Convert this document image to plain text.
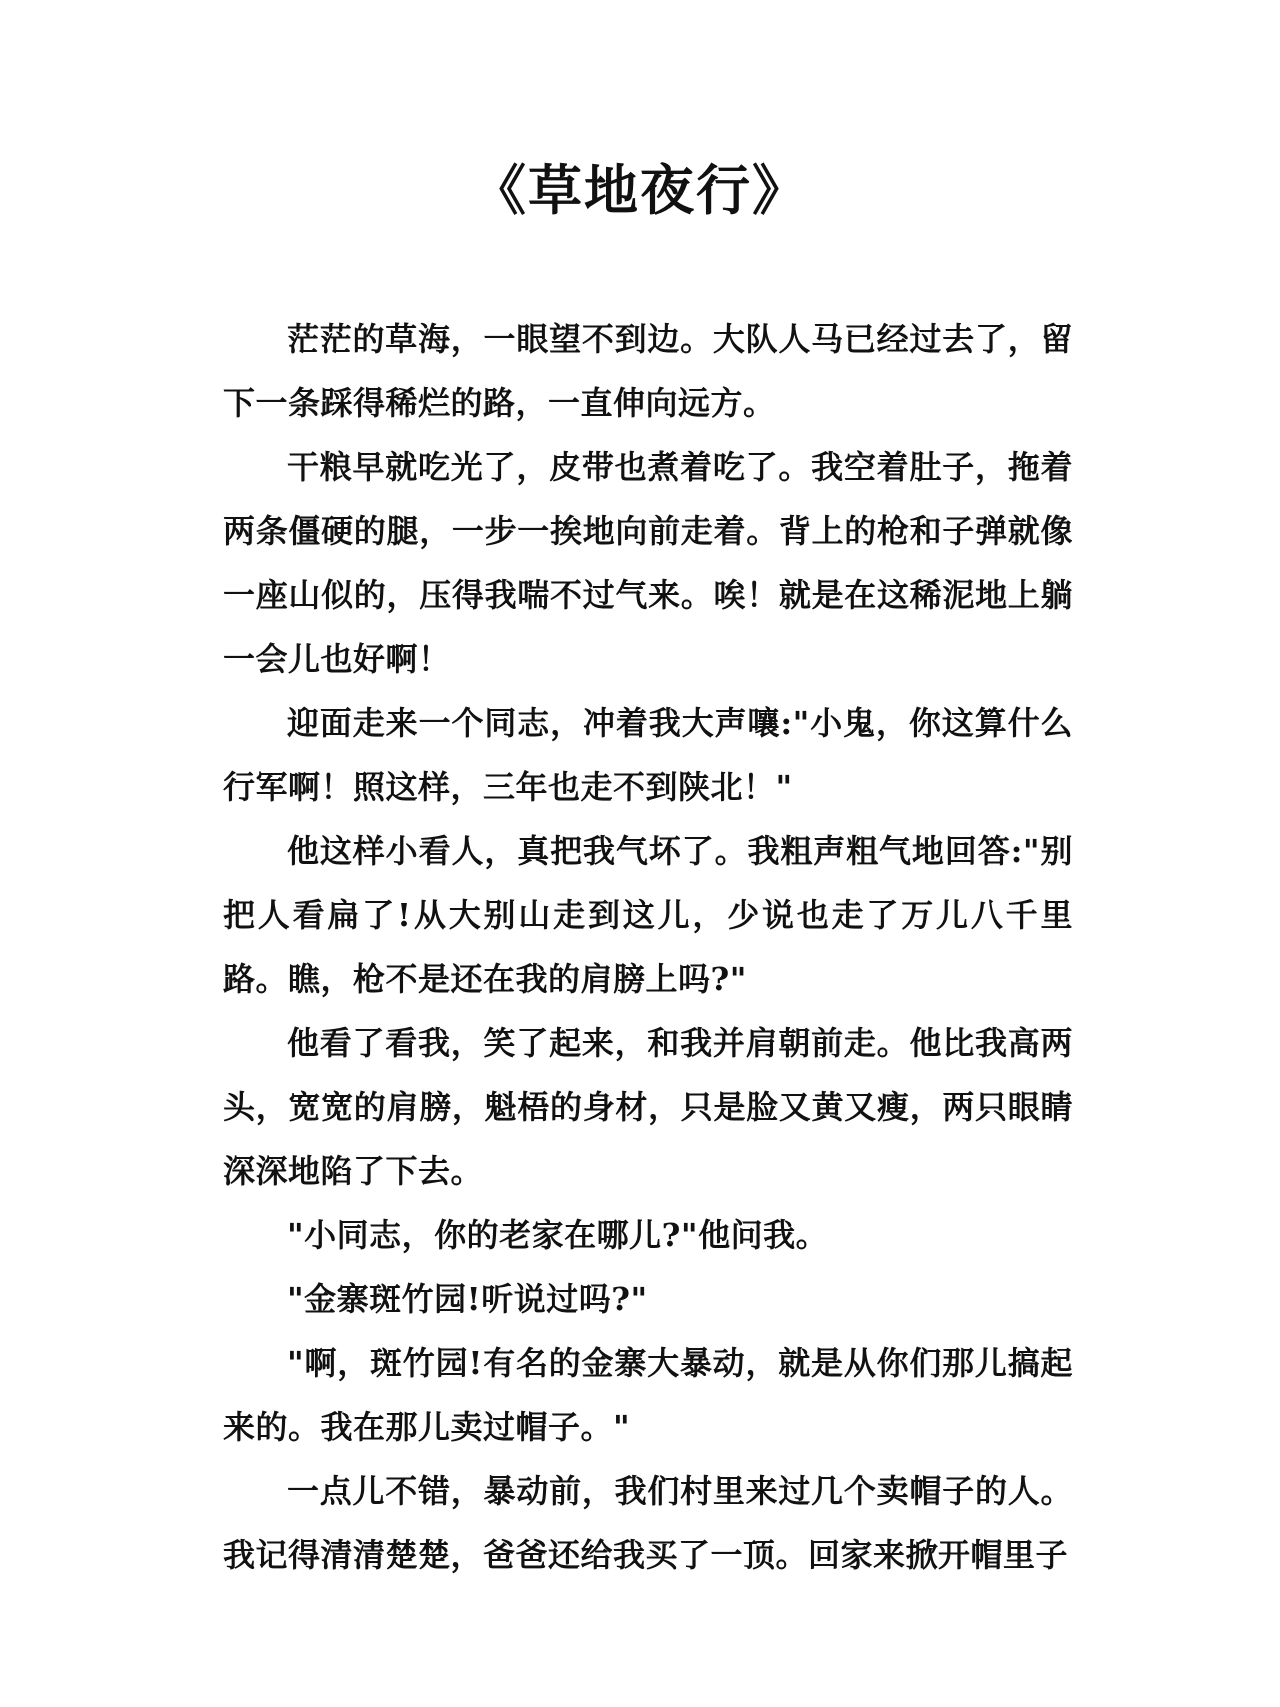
《草地夜行》

茫茫的草海，一眼望不到边。大队人马已经过去了，留下一条踩得稀烂的路，一直伸向远方。

干粮早就吃光了，皮带也煮着吃了。我空着肚子，拖着两条僵硬的腿，一步一挨地向前走着。背上的枪和子弹就像一座山似的，压得我喘不过气来。唉！就是在这稀泥地上躺一会儿也好啊！

迎面走来一个同志，冲着我大声嚷:"小鬼，你这算什么行军啊！照这样，三年也走不到陕北！"

他这样小看人，真把我气坏了。我粗声粗气地回答:"别把人看扁了!从大别山走到这儿，少说也走了万儿八千里路。瞧，枪不是还在我的肩膀上吗?"

他看了看我，笑了起来，和我并肩朝前走。他比我高两头，宽宽的肩膀，魁梧的身材，只是脸又黄又瘦，两只眼睛深深地陷了下去。

"小同志，你的老家在哪儿?"他问我。

"金寨斑竹园!听说过吗?"

"啊，斑竹园!有名的金寨大暴动，就是从你们那儿搞起来的。我在那儿卖过帽子。"

一点儿不错，暴动前，我们村里来过几个卖帽子的人。我记得清清楚楚，爸爸还给我买了一顶。回家来掀开帽里子
